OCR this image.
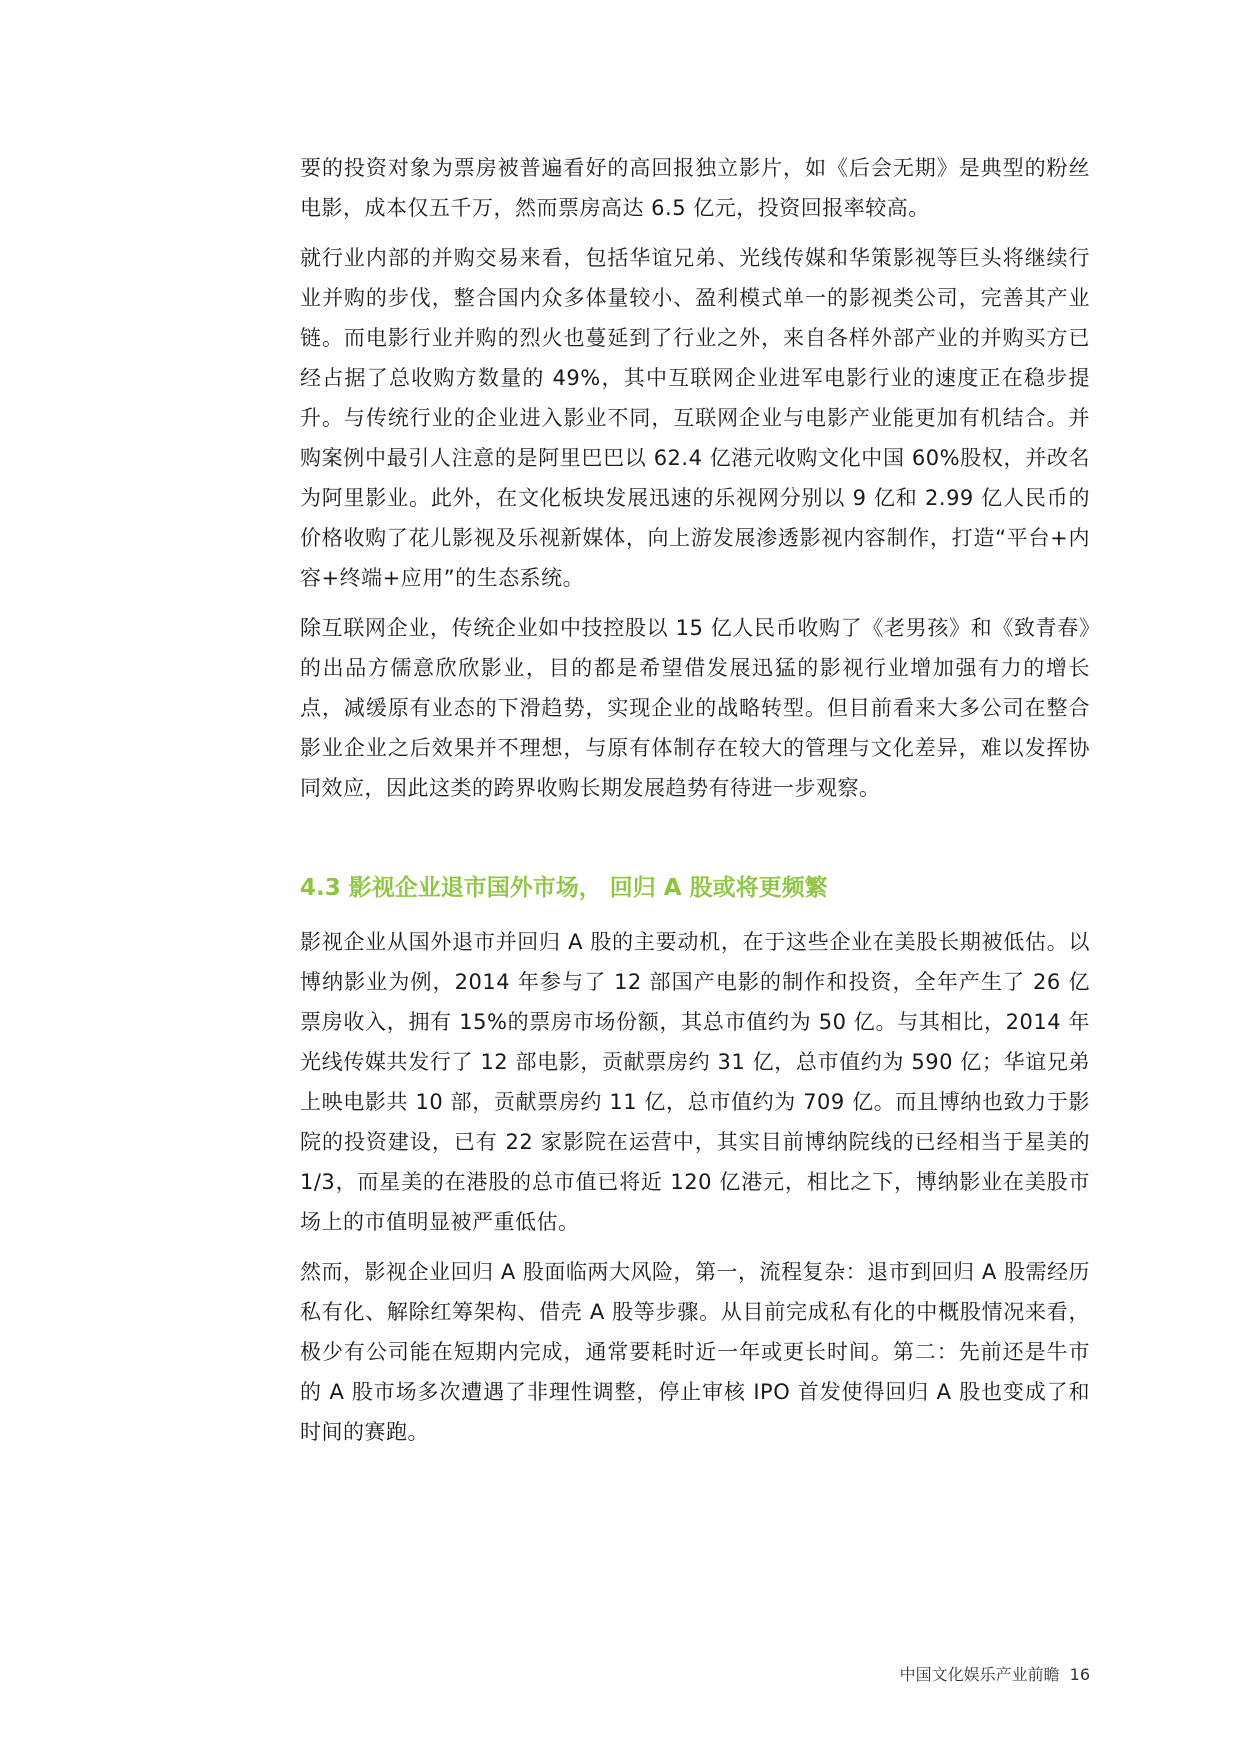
要的投资对象为票房被普遍看好的高回报独立影片，如《后会无期》是典型的粉丝电影，成本仅五千万，然而票房高达 6.5 亿元，投资回报率较高。

就行业内部的并购交易来看，包括华谊兄弟、光线传媒和华策影视等巨头将继续行业并购的步伐，整合国内众多体量较小、盈利模式单一的影视类公司，完善其产业链。而电影行业并购的烈火也蔓延到了行业之外，来自各样外部产业的并购买方已经占据了总收购方数量的 49%，其中互联网企业进军电影行业的速度正在稳步提升。与传统行业的企业进入影业不同，互联网企业与电影产业能更加有机结合。并购案例中最引人注意的是阿里巴巴以 62.4 亿港元收购文化中国 60%股权，并改名为阿里影业。此外，在文化板块发展迅速的乐视网分别以 9 亿和 2.99 亿人民币的价格收购了花儿影视及乐视新媒体，向上游发展渗透影视内容制作，打造“平台+内容+终端+应用”的生态系统。

除互联网企业，传统企业如中技控股以 15 亿人民币收购了《老男孩》和《致青春》的出品方儒意欣欣影业，目的都是希望借发展迅猛的影视行业增加强有力的增长点，减缓原有业态的下滑趋势，实现企业的战略转型。但目前看来大多公司在整合影业企业之后效果并不理想，与原有体制存在较大的管理与文化差异，难以发挥协同效应，因此这类的跨界收购长期发展趋势有待进一步观察。

4.3 影视企业退市国外市场， 回归 A 股或将更频繁

影视企业从国外退市并回归 A 股的主要动机，在于这些企业在美股长期被低估。以博纳影业为例，2014 年参与了 12 部国产电影的制作和投资，全年产生了 26 亿票房收入，拥有 15%的票房市场份额，其总市值约为 50 亿。与其相比，2014 年光线传媒共发行了 12 部电影，贡献票房约 31 亿，总市值约为 590 亿；华谊兄弟上映电影共 10 部，贡献票房约 11 亿，总市值约为 709 亿。而且博纳也致力于影院的投资建设，已有 22 家影院在运营中，其实目前博纳院线的已经相当于星美的 1/3，而星美的在港股的总市值已将近 120 亿港元，相比之下，博纳影业在美股市场上的市值明显被严重低估。

然而，影视企业回归 A 股面临两大风险，第一，流程复杂：退市到回归 A 股需经历私有化、解除红筹架构、借壳 A 股等步骤。从目前完成私有化的中概股情况来看，极少有公司能在短期内完成，通常要耗时近一年或更长时间。第二：先前还是牛市的 A 股市场多次遭遇了非理性调整，停止审核 IPO 首发使得回归 A 股也变成了和时间的赛跑。

中国文化娱乐产业前瞻 16
